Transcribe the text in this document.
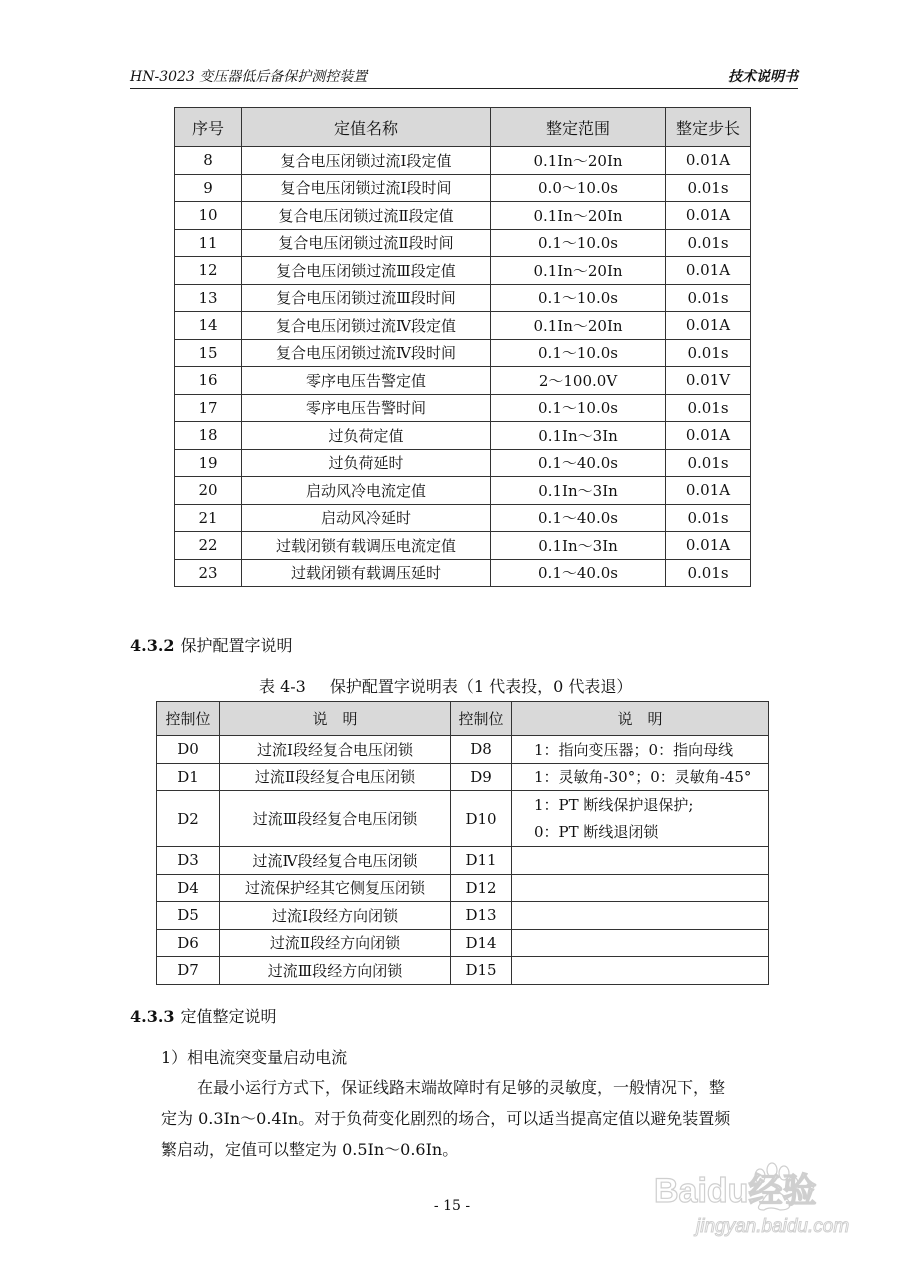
HN-3023 变压器低后备保护测控装置	技术说明书
序号	定值名称	整定范围	整定步长
8	复合电压闭锁过流Ⅰ段定值	0.1In～20In	0.01A
9	复合电压闭锁过流Ⅰ段时间	0.0～10.0s	0.01s
10	复合电压闭锁过流Ⅱ段定值	0.1In～20In	0.01A
11	复合电压闭锁过流Ⅱ段时间	0.1～10.0s	0.01s
12	复合电压闭锁过流Ⅲ段定值	0.1In～20In	0.01A
13	复合电压闭锁过流Ⅲ段时间	0.1～10.0s	0.01s
14	复合电压闭锁过流Ⅳ段定值	0.1In～20In	0.01A
15	复合电压闭锁过流Ⅳ段时间	0.1～10.0s	0.01s
16	零序电压告警定值	2～100.0V	0.01V
17	零序电压告警时间	0.1～10.0s	0.01s
18	过负荷定值	0.1In～3In	0.01A
19	过负荷延时	0.1～40.0s	0.01s
20	启动风冷电流定值	0.1In～3In	0.01A
21	启动风冷延时	0.1～40.0s	0.01s
22	过载闭锁有载调压电流定值	0.1In～3In	0.01A
23	过载闭锁有载调压延时	0.1～40.0s	0.01s
4.3.2 保护配置字说明
表 4-3 保护配置字说明表（1 代表投，0 代表退）
控制位	说　明	控制位	说　明
D0	过流Ⅰ段经复合电压闭锁	D8	1：指向变压器；0：指向母线
D1	过流Ⅱ段经复合电压闭锁	D9	1：灵敏角-30°；0：灵敏角-45°
D2	过流Ⅲ段经复合电压闭锁	D10	1：PT 断线保护退保护;
0：PT 断线退闭锁

D3	过流Ⅳ段经复合电压闭锁	D11	
D4	过流保护经其它侧复压闭锁	D12	
D5	过流Ⅰ段经方向闭锁	D13	
D6	过流Ⅱ段经方向闭锁	D14	
D7	过流Ⅲ段经方向闭锁	D15	
4.3.3 定值整定说明
1）相电流突变量启动电流
在最小运行方式下，保证线路末端故障时有足够的灵敏度，一般情况下，整
定为 0.3In～0.4In。对于负荷变化剧烈的场合，可以适当提高定值以避免装置频
繁启动，定值可以整定为 0.5In～0.6In。
- 15 -	Baidu经验
jingyan.baidu.com
